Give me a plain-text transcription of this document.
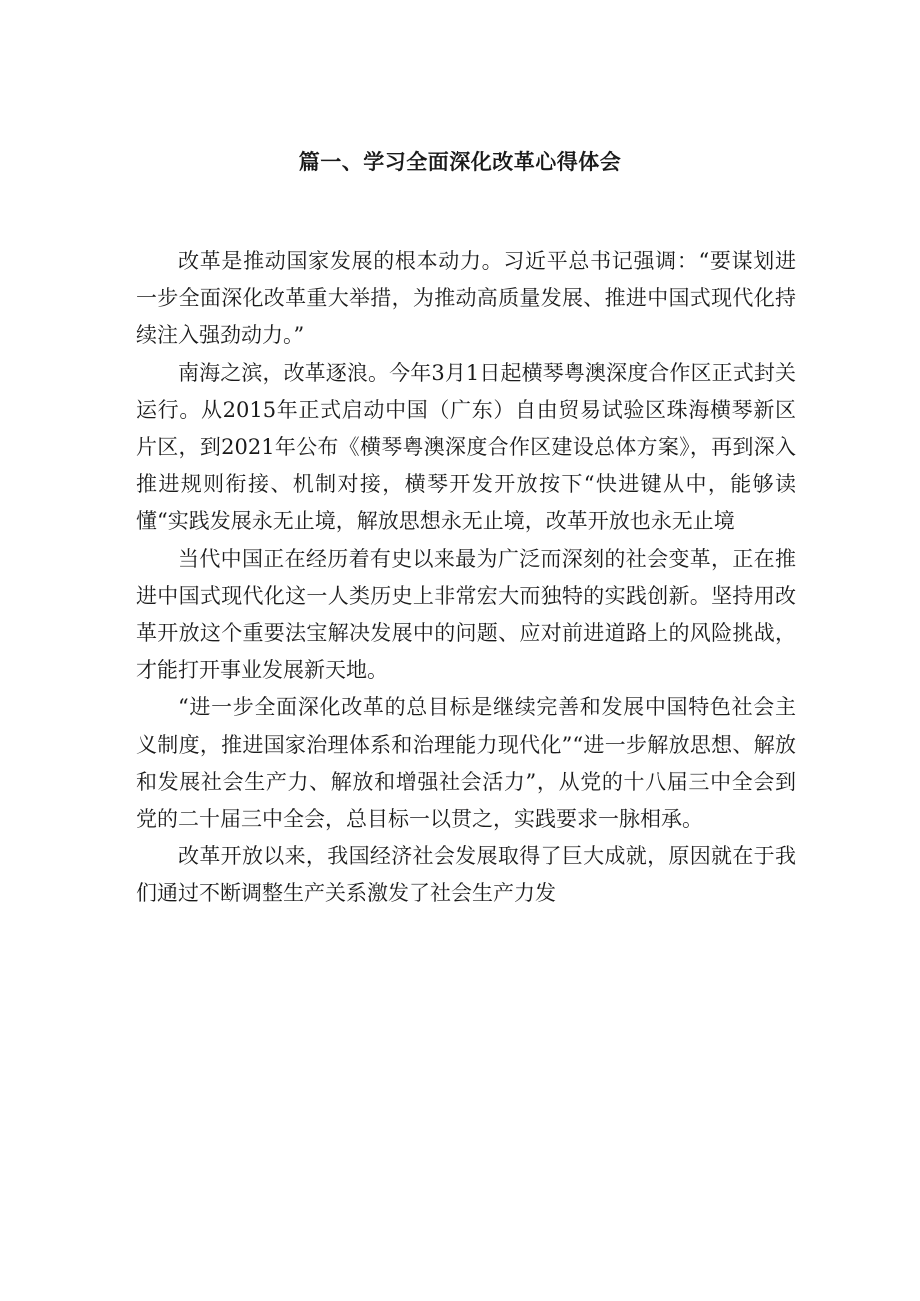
篇一、学习全面深化改革心得体会

改革是推动国家发展的根本动力。习近平总书记强调：“要谋划进一步全面深化改革重大举措，为推动高质量发展、推进中国式现代化持续注入强劲动力。”

南海之滨，改革逐浪。今年3月1日起横琴粤澳深度合作区正式封关运行。从2015年正式启动中国（广东）自由贸易试验区珠海横琴新区片区，到2021年公布《横琴粤澳深度合作区建设总体方案》，再到深入推进规则衔接、机制对接，横琴开发开放按下“快进键从中，能够读懂“实践发展永无止境，解放思想永无止境，改革开放也永无止境

当代中国正在经历着有史以来最为广泛而深刻的社会变革，正在推进中国式现代化这一人类历史上非常宏大而独特的实践创新。坚持用改革开放这个重要法宝解决发展中的问题、应对前进道路上的风险挑战，才能打开事业发展新天地。

“进一步全面深化改革的总目标是继续完善和发展中国特色社会主义制度，推进国家治理体系和治理能力现代化”“进一步解放思想、解放和发展社会生产力、解放和增强社会活力”，从党的十八届三中全会到党的二十届三中全会，总目标一以贯之，实践要求一脉相承。

改革开放以来，我国经济社会发展取得了巨大成就，原因就在于我们通过不断调整生产关系激发了社会生产力发
